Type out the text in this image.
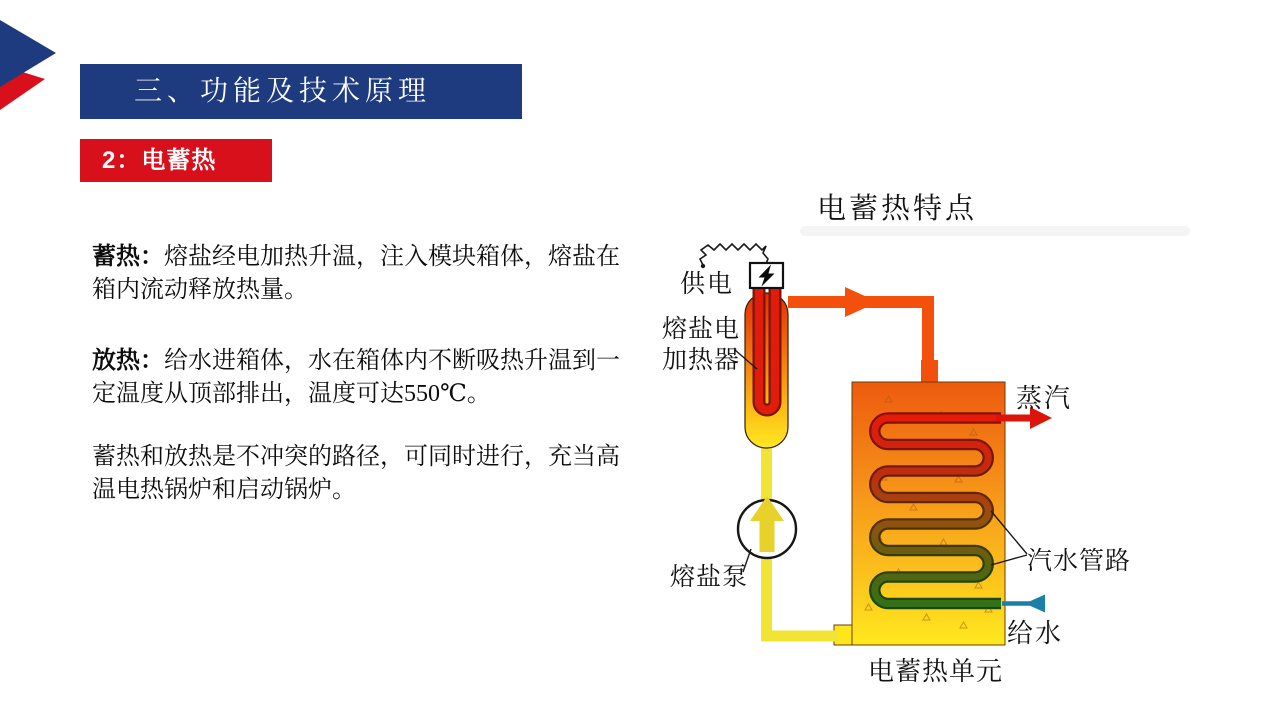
三、功能及技术原理
2：电蓄热

蓄热：熔盐经电加热升温，注入模块箱体，熔盐在箱内流动释放热量。

放热：给水进箱体，水在箱体内不断吸热升温到一定温度从顶部排出，温度可达550℃。

蓄热和放热是不冲突的路径，可同时进行，充当高温电热锅炉和启动锅炉。

电蓄热特点
供电
熔盐电
加热器
熔盐泵
蒸汽
汽水管路
给水
电蓄热单元
